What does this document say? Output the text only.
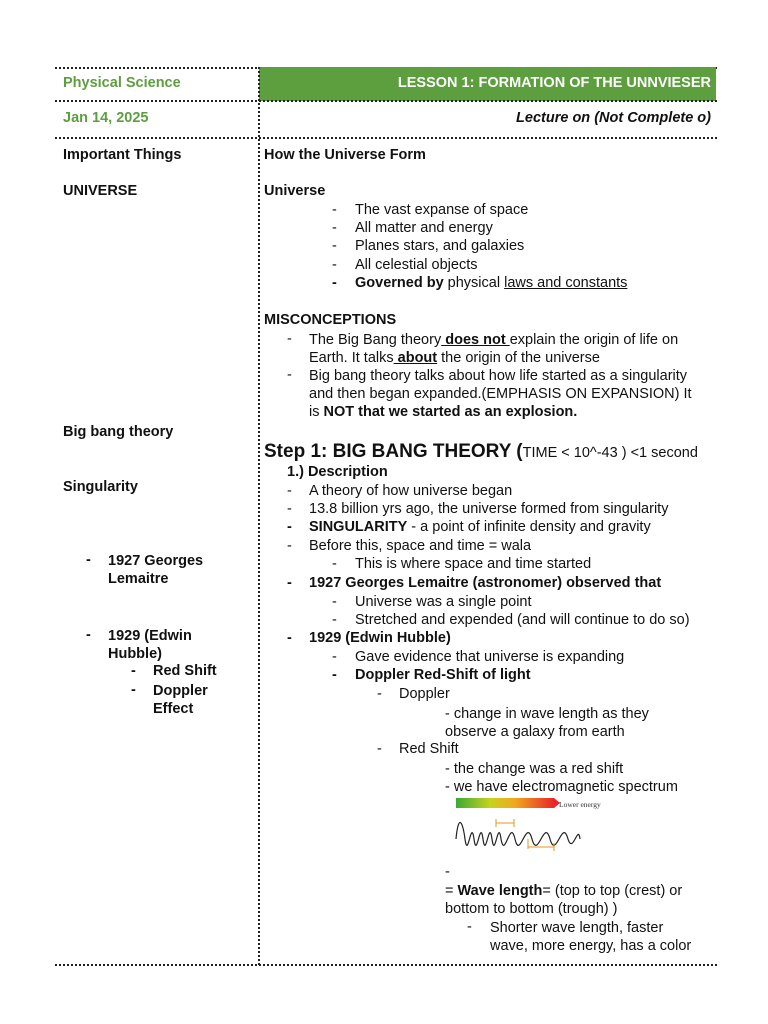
Physical Science	LESSON 1: FORMATION OF THE UNNVIESER
Jan 14, 2025	Lecture on (Not Complete o)
Important Things
UNIVERSE
Big bang theory
Singularity
- 1927 Georges
Lemaitre
- 1929 (Edwin
Hubble)
- Red Shift
- Doppler
Effect
How the Universe Form
Universe
- The vast expanse of space
- All matter and energy
- Planes stars, and galaxies
- All celestial objects
- Governed by physical laws and constants
MISCONCEPTIONS
- The Big Bang theory does not explain the origin of life on
Earth. It talks about the origin of the universe
- Big bang theory talks about how life started as a singularity
and then began expanded.(EMPHASIS ON EXPANSION) It
is NOT that we started as an explosion.
Step 1: BIG BANG THEORY (TIME < 10^-43 ) <1 second
1.) Description
- A theory of how universe began
- 13.8 billion yrs ago, the universe formed from singularity
- SINGULARITY - a point of infinite density and gravity
- Before this, space and time = wala
- This is where space and time started
- 1927 Georges Lemaitre (astronomer) observed that
- Universe was a single point
- Stretched and expended (and will continue to do so)
- 1929 (Edwin Hubble)
- Gave evidence that universe is expanding
- Doppler Red-Shift of light
- Doppler
- change in wave length as they
observe a galaxy from earth
- Red Shift
- the change was a red shift
- we have electromagnetic spectrum
Lower energy
-
= Wave length= (top to top (crest) or
bottom to bottom (trough) )
- Shorter wave length, faster
wave, more energy, has a color
